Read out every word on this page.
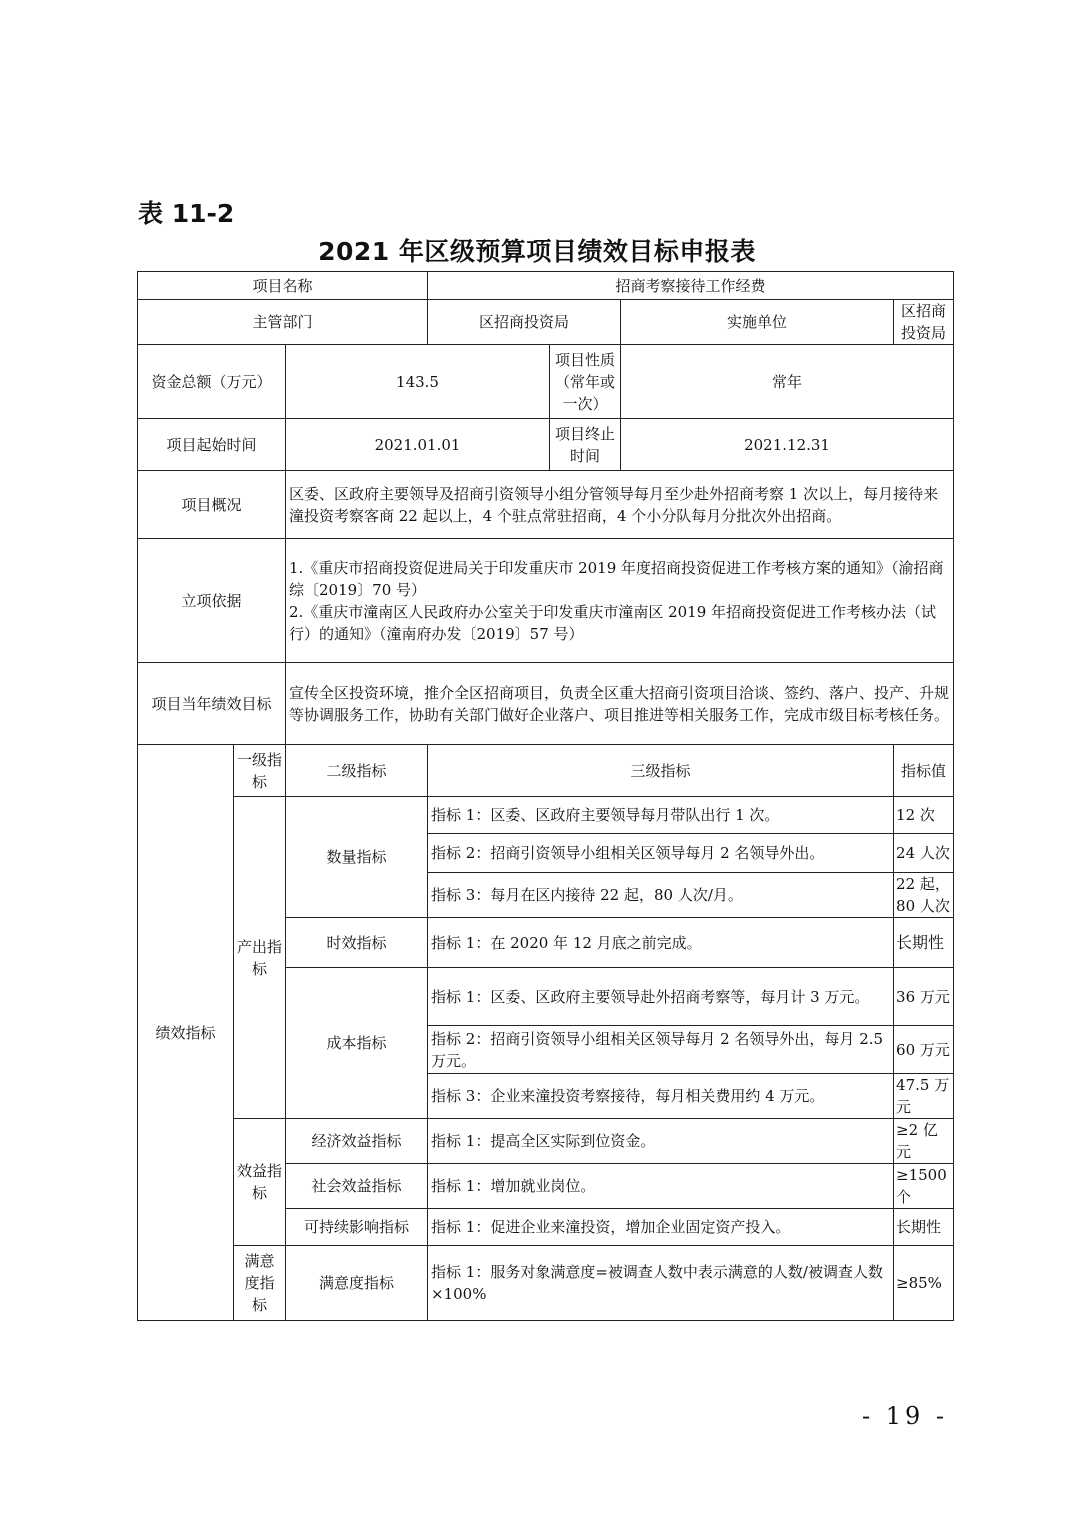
表 11-2
2021 年区级预算项目绩效目标申报表
项目名称			招商考察接待工作经费			
主管部门			区招商投资局		实施单位	区招商投资局
资金总额（万元）		143.5		项目性质（常年或一次）	常年	
项目起始时间		2021.01.01		项目终止时间	2021.12.31	
项目概况		区委、区政府主要领导及招商引资领导小组分管领导每月至少赴外招商考察 1 次以上，每月接待来潼投资考察客商 22 起以上，4 个驻点常驻招商，4 个小分队每月分批次外出招商。				
立项依据		1.《重庆市招商投资促进局关于印发重庆市 2019 年度招商投资促进工作考核方案的通知》（渝招商综〔2019〕70 号）
2.《重庆市潼南区人民政府办公室关于印发重庆市潼南区 2019 年招商投资促进工作考核办法（试行）的通知》（潼南府办发〔2019〕57 号）				

项目当年绩效目标		宣传全区投资环境，推介全区招商项目，负责全区重大招商引资项目洽谈、签约、落户、投产、升规等协调服务工作，协助有关部门做好企业落户、项目推进等相关服务工作，完成市级目标考核任务。				
绩效指标	一级指标	二级指标	三级指标			指标值
	产出指标	数量指标	指标 1：区委、区政府主要领导每月带队出行 1 次。			12 次
			指标 2：招商引资领导小组相关区领导每月 2 名领导外出。			24 人次
			指标 3：每月在区内接待 22 起，80 人次/月。			22 起，80 人次
		时效指标	指标 1：在 2020 年 12 月底之前完成。			长期性
		成本指标	指标 1：区委、区政府主要领导赴外招商考察等，每月计 3 万元。			36 万元
			指标 2：招商引资领导小组相关区领导每月 2 名领导外出，每月 2.5 万元。			60 万元
			指标 3：企业来潼投资考察接待，每月相关费用约 4 万元。			47.5 万元
	效益指标	经济效益指标	指标 1：提高全区实际到位资金。			≥2 亿元
		社会效益指标	指标 1：增加就业岗位。			≥1500 个
		可持续影响指标	指标 1：促进企业来潼投资，增加企业固定资产投入。			长期性
	满意度指标	满意度指标	指标 1：服务对象满意度=被调查人数中表示满意的人数/被调查人数×100%			≥85%
- 19 -
